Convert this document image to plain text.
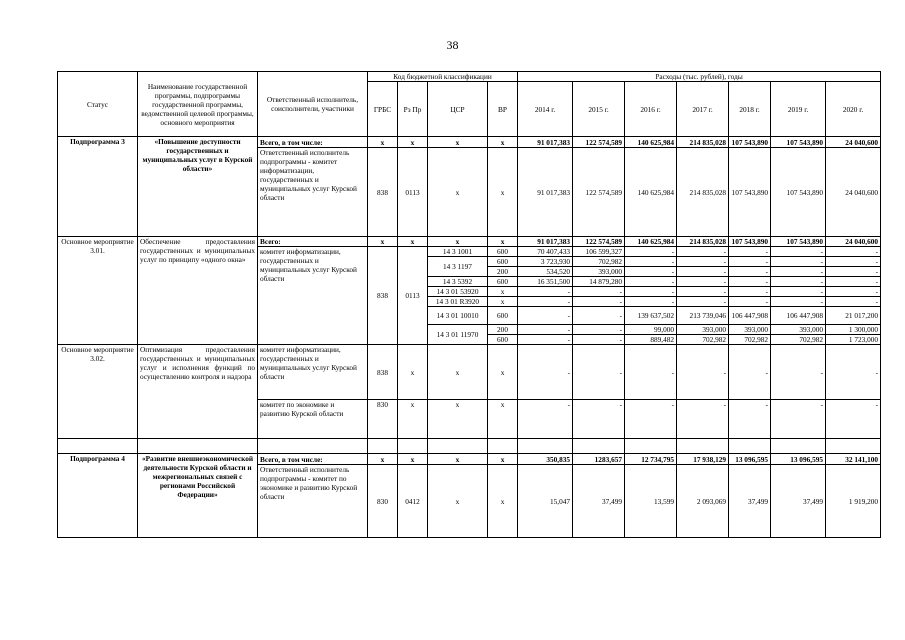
38
Статус	Наименование государственной программы, подпрограммы государственной программы, ведомственной целевой программы, основного мероприятия	Ответственный исполнитель, соисполнители, участники	Код бюджетной классификации				Расходы (тыс. рублей), годы						
			ГРБС	Рз Пр	ЦСР	ВР	2014 г.	2015 г.	2016 г.	2017 г.	2018 г.	2019 г.	2020 г.
Подпрограмма 3	«Повышение доступности государственных и муниципальных услуг в Курской области»	Всего, в том числе:	х	х	х	х	91 017,383	122 574,589	140 625,984	214 835,028	107 543,890	107 543,890	24 040,600
		Ответственный исполнитель подпрограммы - комитет информатизации, государственных и муниципальных услуг Курской области	838	0113	х	х	91 017,383	122 574,589	140 625,984	214 835,028	107 543,890	107 543,890	24 040,600
Основное мероприятие 3.01.	Обеспечение предоставления государственных и муниципальных услуг по принципу «одного окна»	Всего:	х	х	х	х	91 017,383	122 574,589	140 625,984	214 835,028	107 543,890	107 543,890	24 040,600
		комитет информатизации, государственных и муниципальных услуг Курской области	838	0113	14 3 1001	600	70 407,433	106 599,327	-	-	-	-	-
					14 3 1197	600	3 723,930	702,982	-	-	-	-	-
						200	534,520	393,000	-	-	-	-	-
					14 3 5392	600	16 351,500	14 879,280	-	-	-	-	-
					14 3 01 53920	х	-	-	-	-	-	-	-
					14 3 01 R3920	х	-	-	-	-	-	-	-
					14 3 01 10010	600	-	-	139 637,502	213 739,046	106 447,908	106 447,908	21 017,200
					14 3 01 11970	200	-	-	99,000	393,000	393,000	393,000	1 300,000
						600	-	-	889,482	702,982	702,982	702,982	1 723,000
Основное мероприятие 3.02.	Оптимизация предоставления государственных и муниципальных услуг и исполнения функций по осуществлению контроля и надзора	комитет информатизации, государственных и муниципальных услуг Курской области	838	х	х	х	-	-	-	-	-	-	-
		комитет по экономике и развитию Курской области	830	х	х	х	-	-	-	-	-	-	-

Подпрограмма 4	«Развитие внешнеэкономической деятельности Курской области и межрегиональных связей с регионами Российской Федерации»	Всего, в том числе:	х	х	х	х	350,835	1283,657	12 734,795	17 938,129	13 096,595	13 096,595	32 141,100
		Ответственный исполнитель подпрограммы - комитет по экономике и развитию Курской области	830	0412	х	х	15,047	37,499	13,599	2 093,069	37,499	37,499	1 919,200
